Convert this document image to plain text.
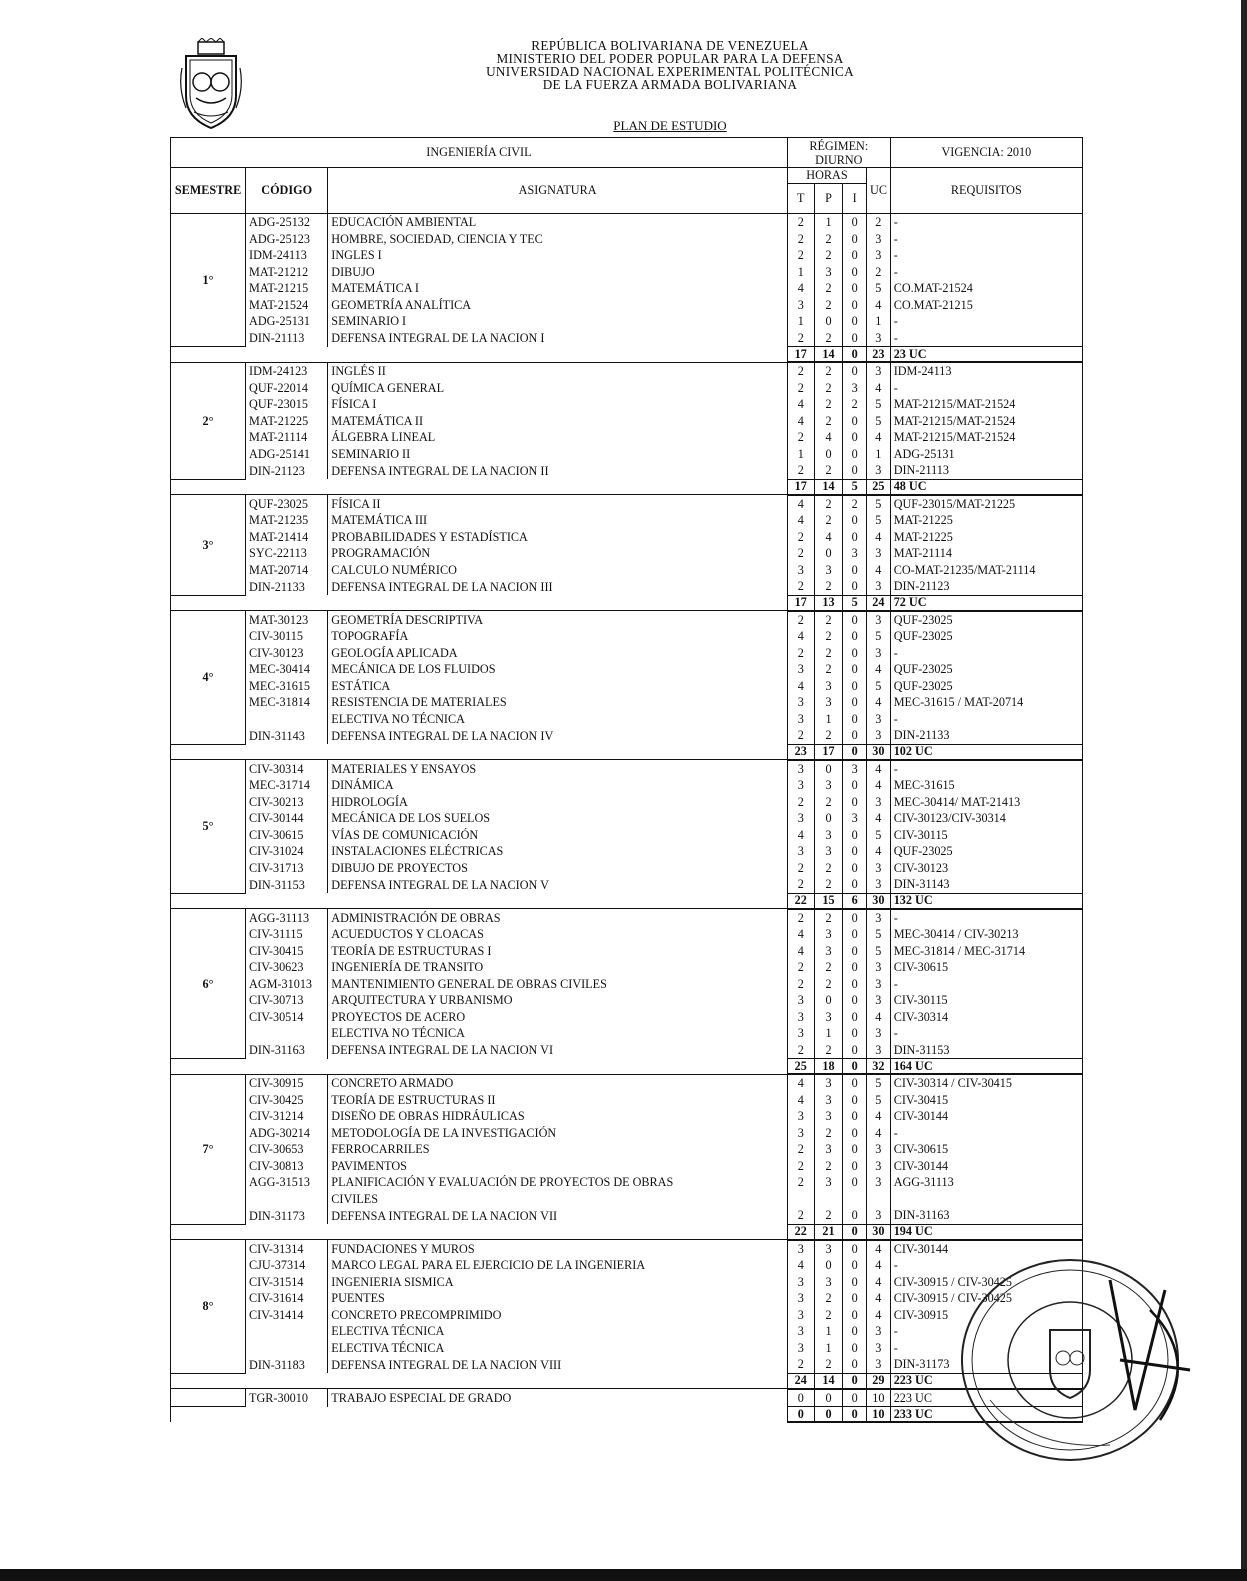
REPÚBLICA BOLIVARIANA DE VENEZUELA
MINISTERIO DEL PODER POPULAR PARA LA DEFENSA
UNIVERSIDAD NACIONAL EXPERIMENTAL POLITÉCNICA
DE LA FUERZA ARMADA BOLIVARIANA
PLAN DE ESTUDIO
INGENIERÍA CIVIL			RÉGIMEN: DIURNO				VIGENCIA: 2010
SEMESTRE	CÓDIGO	ASIGNATURA	HORAS			UC	REQUISITOS
			T	P	I		
1°	ADG-25132	EDUCACIÓN AMBIENTAL	2	1	0	2	-
	ADG-25123	HOMBRE, SOCIEDAD, CIENCIA Y TEC	2	2	0	3	-
	IDM-24113	INGLES I	2	2	0	3	-
	MAT-21212	DIBUJO	1	3	0	2	-
	MAT-21215	MATEMÁTICA I	4	2	0	5	CO.MAT-21524
	MAT-21524	GEOMETRÍA ANALÍTICA	3	2	0	4	CO.MAT-21215
	ADG-25131	SEMINARIO I	1	0	0	1	-
	DIN-21113	DEFENSA INTEGRAL DE LA NACION I	2	2	0	3	-
			17	14	0	23	23 UC
2°	IDM-24123	INGLÉS II	2	2	0	3	IDM-24113
	QUF-22014	QUÍMICA GENERAL	2	2	3	4	-
	QUF-23015	FÍSICA I	4	2	2	5	MAT-21215/MAT-21524
	MAT-21225	MATEMÁTICA II	4	2	0	5	MAT-21215/MAT-21524
	MAT-21114	ÁLGEBRA LINEAL	2	4	0	4	MAT-21215/MAT-21524
	ADG-25141	SEMINARIO II	1	0	0	1	ADG-25131
	DIN-21123	DEFENSA INTEGRAL DE LA NACION II	2	2	0	3	DIN-21113
			17	14	5	25	48 UC
3°	QUF-23025	FÍSICA II	4	2	2	5	QUF-23015/MAT-21225
	MAT-21235	MATEMÁTICA III	4	2	0	5	MAT-21225
	MAT-21414	PROBABILIDADES Y ESTADÍSTICA	2	4	0	4	MAT-21225
	SYC-22113	PROGRAMACIÓN	2	0	3	3	MAT-21114
	MAT-20714	CALCULO NUMÉRICO	3	3	0	4	CO-MAT-21235/MAT-21114
	DIN-21133	DEFENSA INTEGRAL DE LA NACION III	2	2	0	3	DIN-21123
			17	13	5	24	72 UC
4°	MAT-30123	GEOMETRÍA DESCRIPTIVA	2	2	0	3	QUF-23025
	CIV-30115	TOPOGRAFÍA	4	2	0	5	QUF-23025
	CIV-30123	GEOLOGÍA APLICADA	2	2	0	3	-
	MEC-30414	MECÁNICA DE LOS FLUIDOS	3	2	0	4	QUF-23025
	MEC-31615	ESTÁTICA	4	3	0	5	QUF-23025
	MEC-31814	RESISTENCIA DE MATERIALES	3	3	0	4	MEC-31615 / MAT-20714
		ELECTIVA NO TÉCNICA	3	1	0	3	-
	DIN-31143	DEFENSA INTEGRAL DE LA NACION IV	2	2	0	3	DIN-21133
			23	17	0	30	102 UC
5°	CIV-30314	MATERIALES Y ENSAYOS	3	0	3	4	-
	MEC-31714	DINÁMICA	3	3	0	4	MEC-31615
	CIV-30213	HIDROLOGÍA	2	2	0	3	MEC-30414/ MAT-21413
	CIV-30144	MECÁNICA DE LOS SUELOS	3	0	3	4	CIV-30123/CIV-30314
	CIV-30615	VÍAS DE COMUNICACIÓN	4	3	0	5	CIV-30115
	CIV-31024	INSTALACIONES ELÉCTRICAS	3	3	0	4	QUF-23025
	CIV-31713	DIBUJO DE PROYECTOS	2	2	0	3	CIV-30123
	DIN-31153	DEFENSA INTEGRAL DE LA NACION V	2	2	0	3	DIN-31143
			22	15	6	30	132 UC
6°	AGG-31113	ADMINISTRACIÓN DE OBRAS	2	2	0	3	-
	CIV-31115	ACUEDUCTOS Y CLOACAS	4	3	0	5	MEC-30414 / CIV-30213
	CIV-30415	TEORÍA DE ESTRUCTURAS I	4	3	0	5	MEC-31814 / MEC-31714
	CIV-30623	INGENIERÍA DE TRANSITO	2	2	0	3	CIV-30615
	AGM-31013	MANTENIMIENTO GENERAL DE OBRAS CIVILES	2	2	0	3	-
	CIV-30713	ARQUITECTURA Y URBANISMO	3	0	0	3	CIV-30115
	CIV-30514	PROYECTOS DE ACERO	3	3	0	4	CIV-30314
		ELECTIVA NO TÉCNICA	3	1	0	3	-
	DIN-31163	DEFENSA INTEGRAL DE LA NACION VI	2	2	0	3	DIN-31153
			25	18	0	32	164 UC
7°	CIV-30915	CONCRETO ARMADO	4	3	0	5	CIV-30314 / CIV-30415
	CIV-30425	TEORÍA DE ESTRUCTURAS II	4	3	0	5	CIV-30415
	CIV-31214	DISEÑO DE OBRAS HIDRÁULICAS	3	3	0	4	CIV-30144
	ADG-30214	METODOLOGÍA DE LA INVESTIGACIÓN	3	2	0	4	-
	CIV-30653	FERROCARRILES	2	3	0	3	CIV-30615
	CIV-30813	PAVIMENTOS	2	2	0	3	CIV-30144
	AGG-31513	PLANIFICACIÓN Y EVALUACIÓN DE PROYECTOS DE OBRAS	2	3	0	3	AGG-31113
		CIVILES					
	DIN-31173	DEFENSA INTEGRAL DE LA NACION VII	2	2	0	3	DIN-31163
			22	21	0	30	194 UC
8°	CIV-31314	FUNDACIONES Y MUROS	3	3	0	4	CIV-30144
	CJU-37314	MARCO LEGAL PARA EL EJERCICIO DE LA INGENIERIA	4	0	0	4	-
	CIV-31514	INGENIERIA SISMICA	3	3	0	4	CIV-30915 / CIV-30425
	CIV-31614	PUENTES	3	2	0	4	CIV-30915 / CIV-30425
	CIV-31414	CONCRETO PRECOMPRIMIDO	3	2	0	4	CIV-30915
		ELECTIVA TÉCNICA	3	1	0	3	-
		ELECTIVA TÉCNICA	3	1	0	3	-
	DIN-31183	DEFENSA INTEGRAL DE LA NACION VIII	2	2	0	3	DIN-31173
			24	14	0	29	223 UC
	TGR-30010	TRABAJO ESPECIAL DE GRADO	0	0	0	10	223 UC
			0	0	0	10	233 UC
